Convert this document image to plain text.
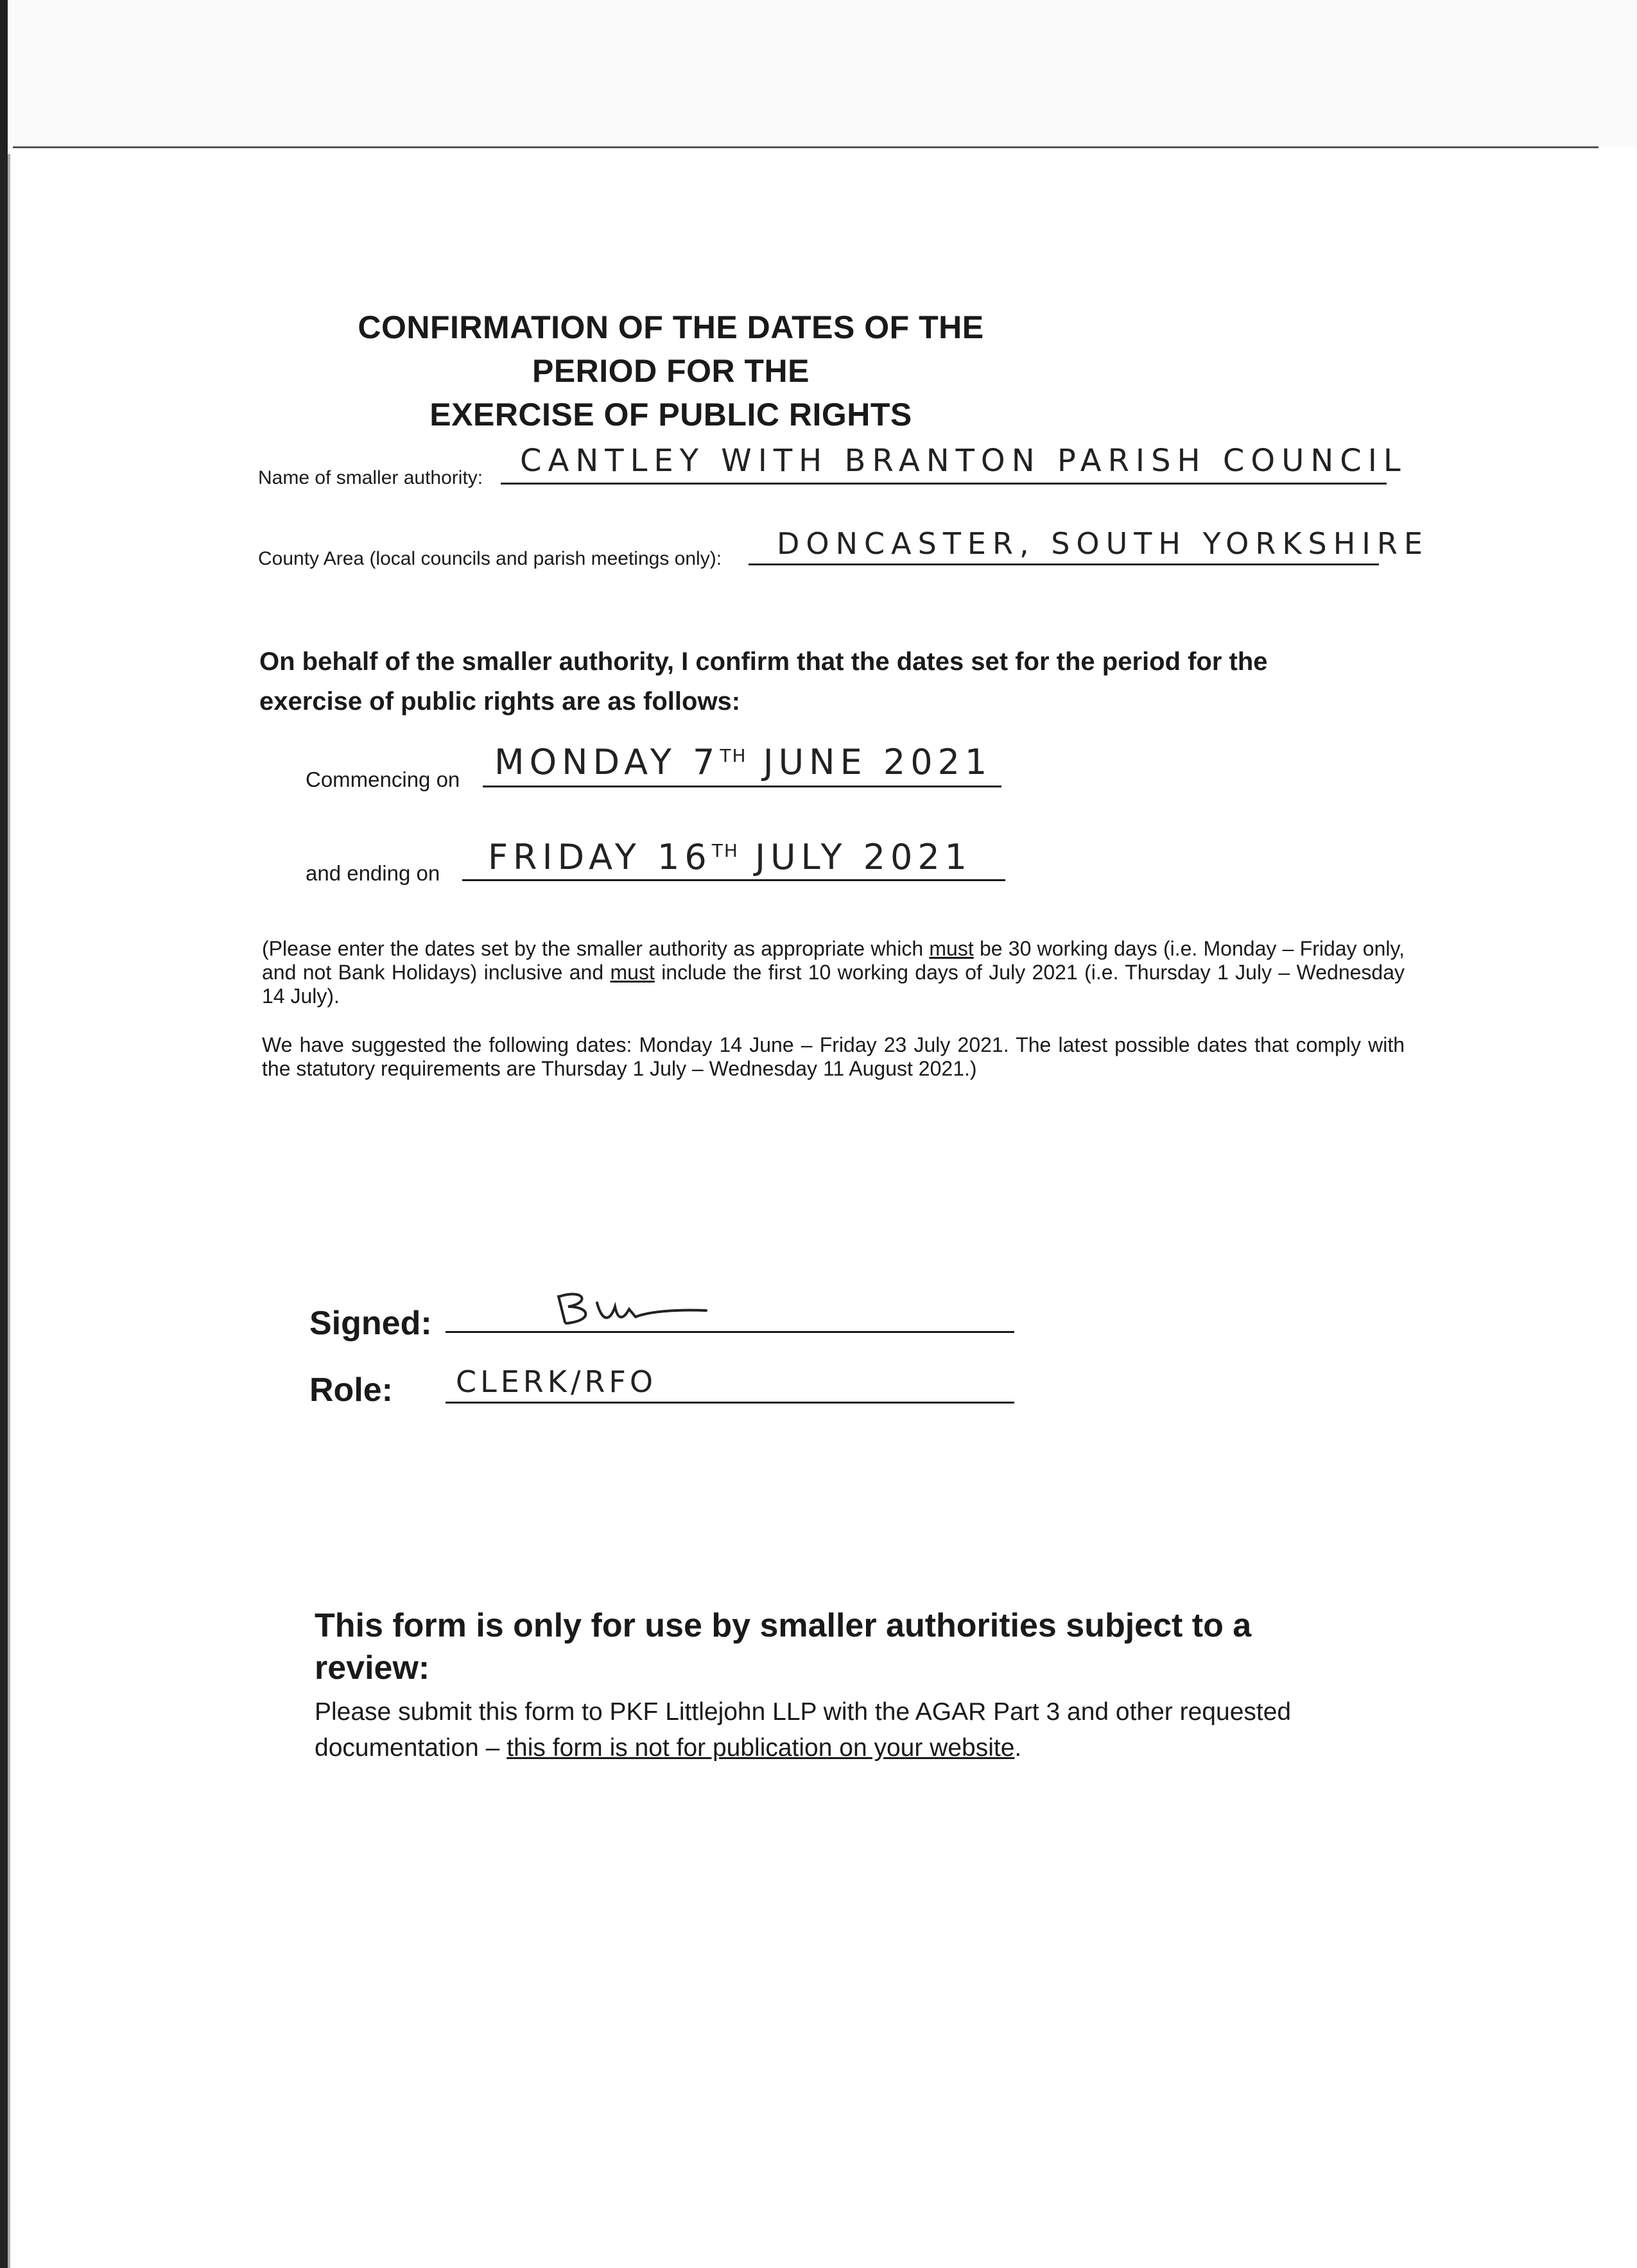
CONFIRMATION OF THE DATES OF THE PERIOD FOR THE
EXERCISE OF PUBLIC RIGHTS
Name of smaller authority: CANTLEY WITH BRANTON PARISH COUNCIL
County Area (local councils and parish meetings only): DONCASTER, SOUTH YORKSHIRE
On behalf of the smaller authority, I confirm that the dates set for the period for the exercise of public rights are as follows:
Commencing on MONDAY 7TH JUNE 2021
and ending on FRIDAY 16TH JULY 2021
(Please enter the dates set by the smaller authority as appropriate which must be 30 working days (i.e. Monday – Friday only, and not Bank Holidays) inclusive and must include the first 10 working days of July 2021 (i.e. Thursday 1 July – Wednesday 14 July).
We have suggested the following dates: Monday 14 June – Friday 23 July 2021. The latest possible dates that comply with the statutory requirements are Thursday 1 July – Wednesday 11 August 2021.)
Signed:
Role: CLERK/RFO
This form is only for use by smaller authorities subject to a review:
Please submit this form to PKF Littlejohn LLP with the AGAR Part 3 and other requested documentation – this form is not for publication on your website.
